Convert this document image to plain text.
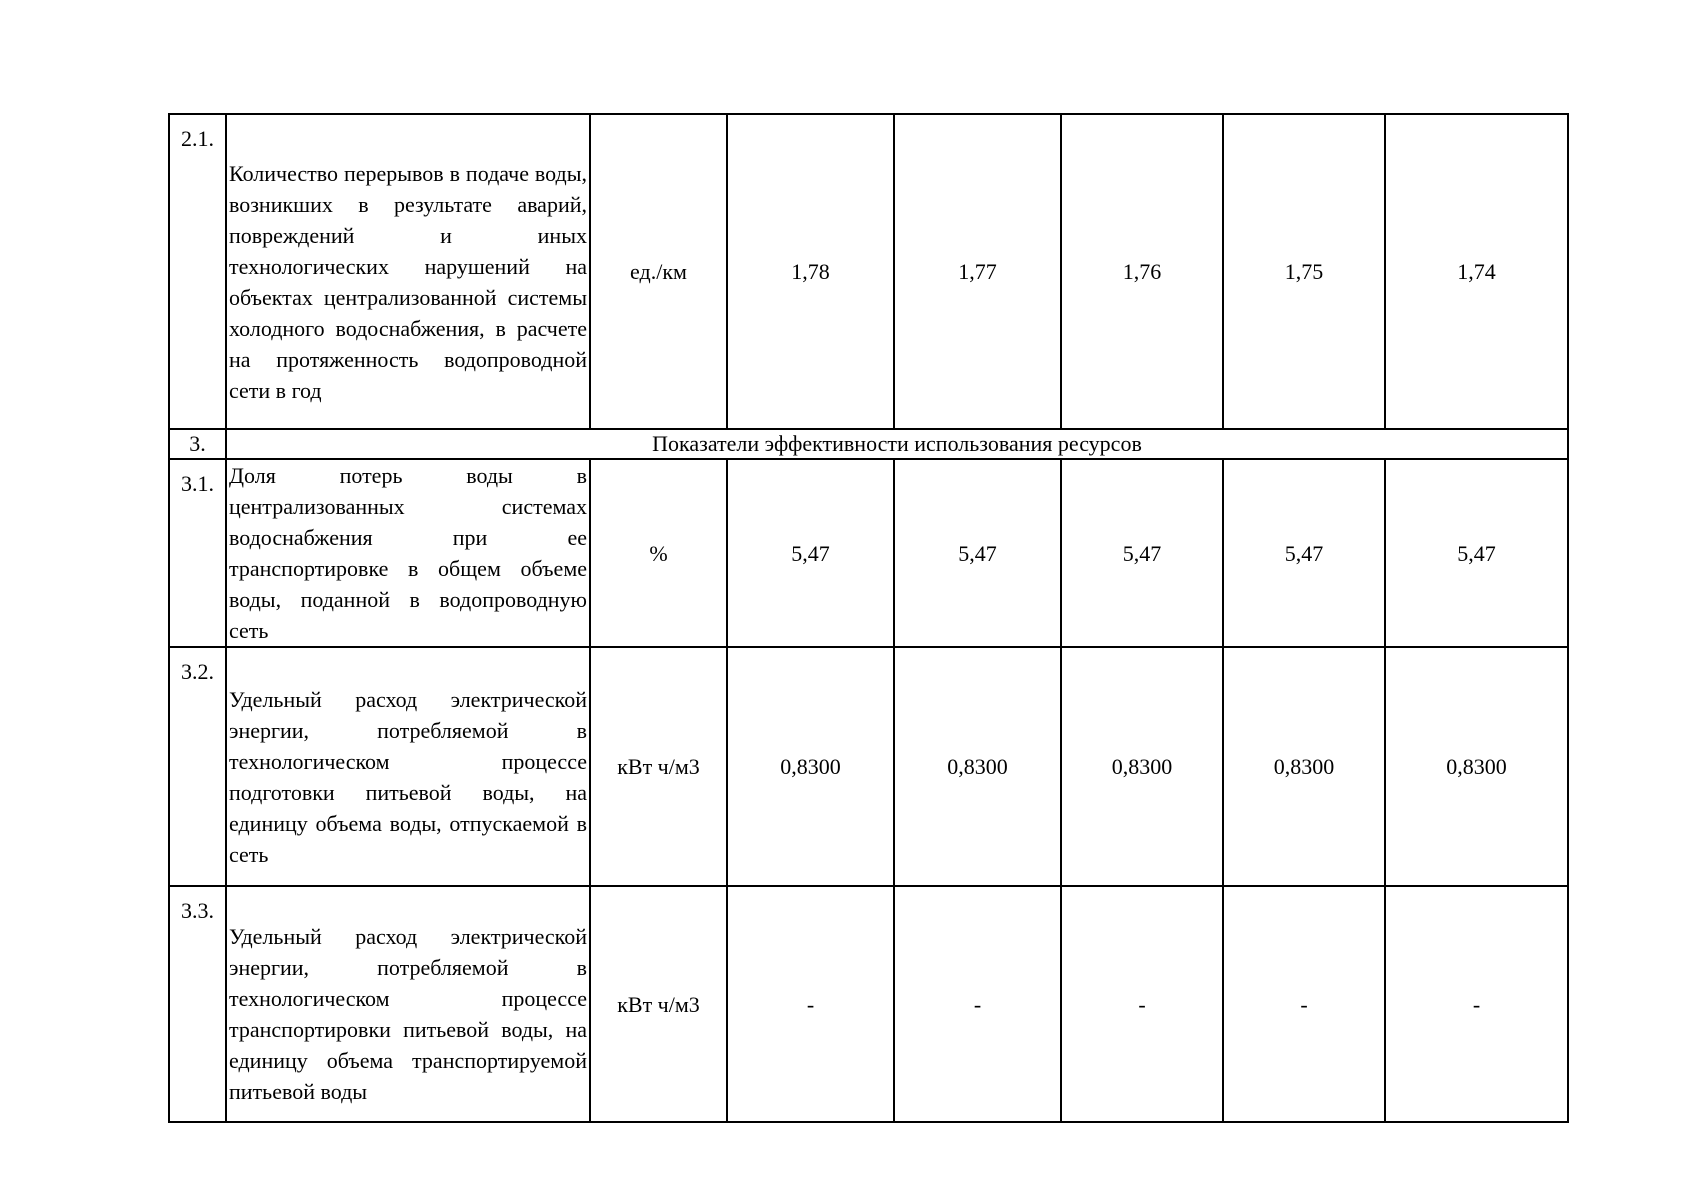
2.1.	Количество перерывов в подаче воды, возникших в результате аварий, повреждений и иных технологических нарушений на объектах централизованной системы холодного водоснабжения, в расчете на протяженность водопроводной сети в год	ед./км	1,78	1,77	1,76	1,75	1,74
3.	Показатели эффективности использования ресурсов						
3.1.	Доля потерь воды в централизованных системах водоснабжения при ее транспортировке в общем объеме воды, поданной в водопроводную сеть	%	5,47	5,47	5,47	5,47	5,47
3.2.	Удельный расход электрической энергии, потребляемой в технологическом процессе подготовки питьевой воды, на единицу объема воды, отпускаемой в сеть	кВт ч/м3	0,8300	0,8300	0,8300	0,8300	0,8300
3.3.	Удельный расход электрической энергии, потребляемой в технологическом процессе транспортировки питьевой воды, на единицу объема транспортируемой питьевой воды	кВт ч/м3	-	-	-	-	-
